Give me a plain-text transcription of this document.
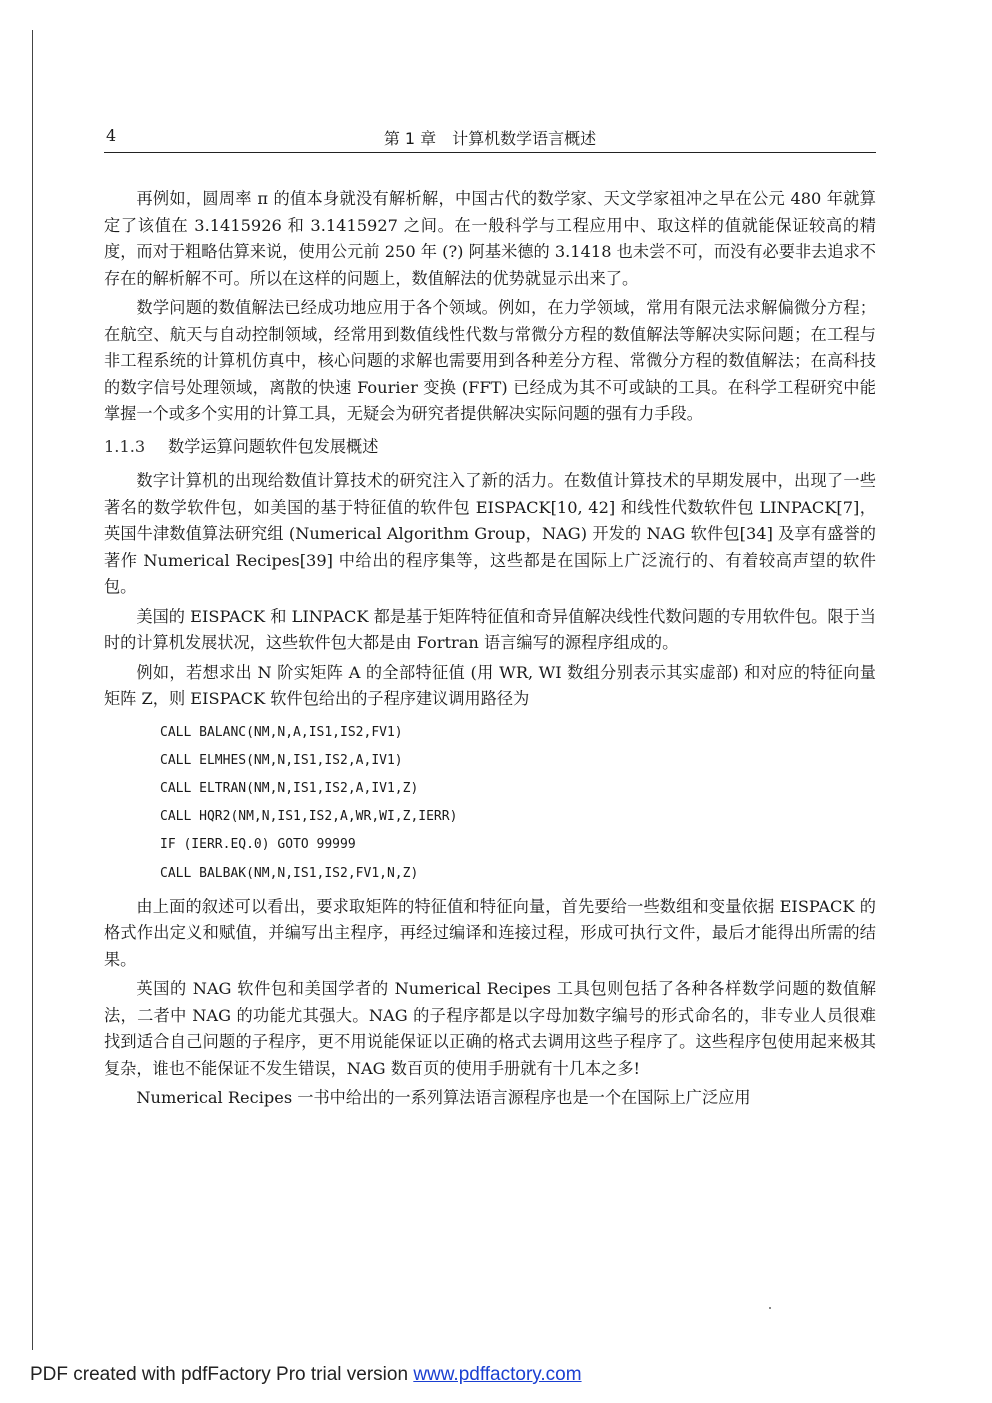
4	第 1 章　计算机数学语言概述

再例如，圆周率 π 的值本身就没有解析解，中国古代的数学家、天文学家祖冲之早在公元 480 年就算定了该值在 3.1415926 和 3.1415927 之间。在一般科学与工程应用中、取这样的值就能保证较高的精度，而对于粗略估算来说，使用公元前 250 年 (?) 阿基米德的 3.1418 也未尝不可，而没有必要非去追求不存在的解析解不可。所以在这样的问题上，数值解法的优势就显示出来了。

数学问题的数值解法已经成功地应用于各个领域。例如，在力学领域，常用有限元法求解偏微分方程；在航空、航天与自动控制领域，经常用到数值线性代数与常微分方程的数值解法等解决实际问题；在工程与非工程系统的计算机仿真中，核心问题的求解也需要用到各种差分方程、常微分方程的数值解法；在高科技的数字信号处理领域，离散的快速 Fourier 变换 (FFT) 已经成为其不可或缺的工具。在科学工程研究中能掌握一个或多个实用的计算工具，无疑会为研究者提供解决实际问题的强有力手段。

1.1.3 数学运算问题软件包发展概述

数字计算机的出现给数值计算技术的研究注入了新的活力。在数值计算技术的早期发展中，出现了一些著名的数学软件包，如美国的基于特征值的软件包 EISPACK[10, 42] 和线性代数软件包 LINPACK[7]，英国牛津数值算法研究组 (Numerical Algorithm Group，NAG) 开发的 NAG 软件包[34] 及享有盛誉的著作 Numerical Recipes[39] 中给出的程序集等，这些都是在国际上广泛流行的、有着较高声望的软件包。

美国的 EISPACK 和 LINPACK 都是基于矩阵特征值和奇异值解决线性代数问题的专用软件包。限于当时的计算机发展状况，这些软件包大都是由 Fortran 语言编写的源程序组成的。

例如，若想求出 N 阶实矩阵 A 的全部特征值 (用 WR, WI 数组分别表示其实虚部) 和对应的特征向量矩阵 Z，则 EISPACK 软件包给出的子程序建议调用路径为

CALL BALANC(NM,N,A,IS1,IS2,FV1)
CALL ELMHES(NM,N,IS1,IS2,A,IV1)
CALL ELTRAN(NM,N,IS1,IS2,A,IV1,Z)
CALL HQR2(NM,N,IS1,IS2,A,WR,WI,Z,IERR)
IF (IERR.EQ.0) GOTO 99999
CALL BALBAK(NM,N,IS1,IS2,FV1,N,Z)

由上面的叙述可以看出，要求取矩阵的特征值和特征向量，首先要给一些数组和变量依据 EISPACK 的格式作出定义和赋值，并编写出主程序，再经过编译和连接过程，形成可执行文件，最后才能得出所需的结果。

英国的 NAG 软件包和美国学者的 Numerical Recipes 工具包则包括了各种各样数学问题的数值解法，二者中 NAG 的功能尤其强大。NAG 的子程序都是以字母加数字编号的形式命名的，非专业人员很难找到适合自己问题的子程序，更不用说能保证以正确的格式去调用这些子程序了。这些程序包使用起来极其复杂，谁也不能保证不发生错误，NAG 数百页的使用手册就有十几本之多!

Numerical Recipes 一书中给出的一系列算法语言源程序也是一个在国际上广泛应用

PDF created with pdfFactory Pro trial version www.pdffactory.com
